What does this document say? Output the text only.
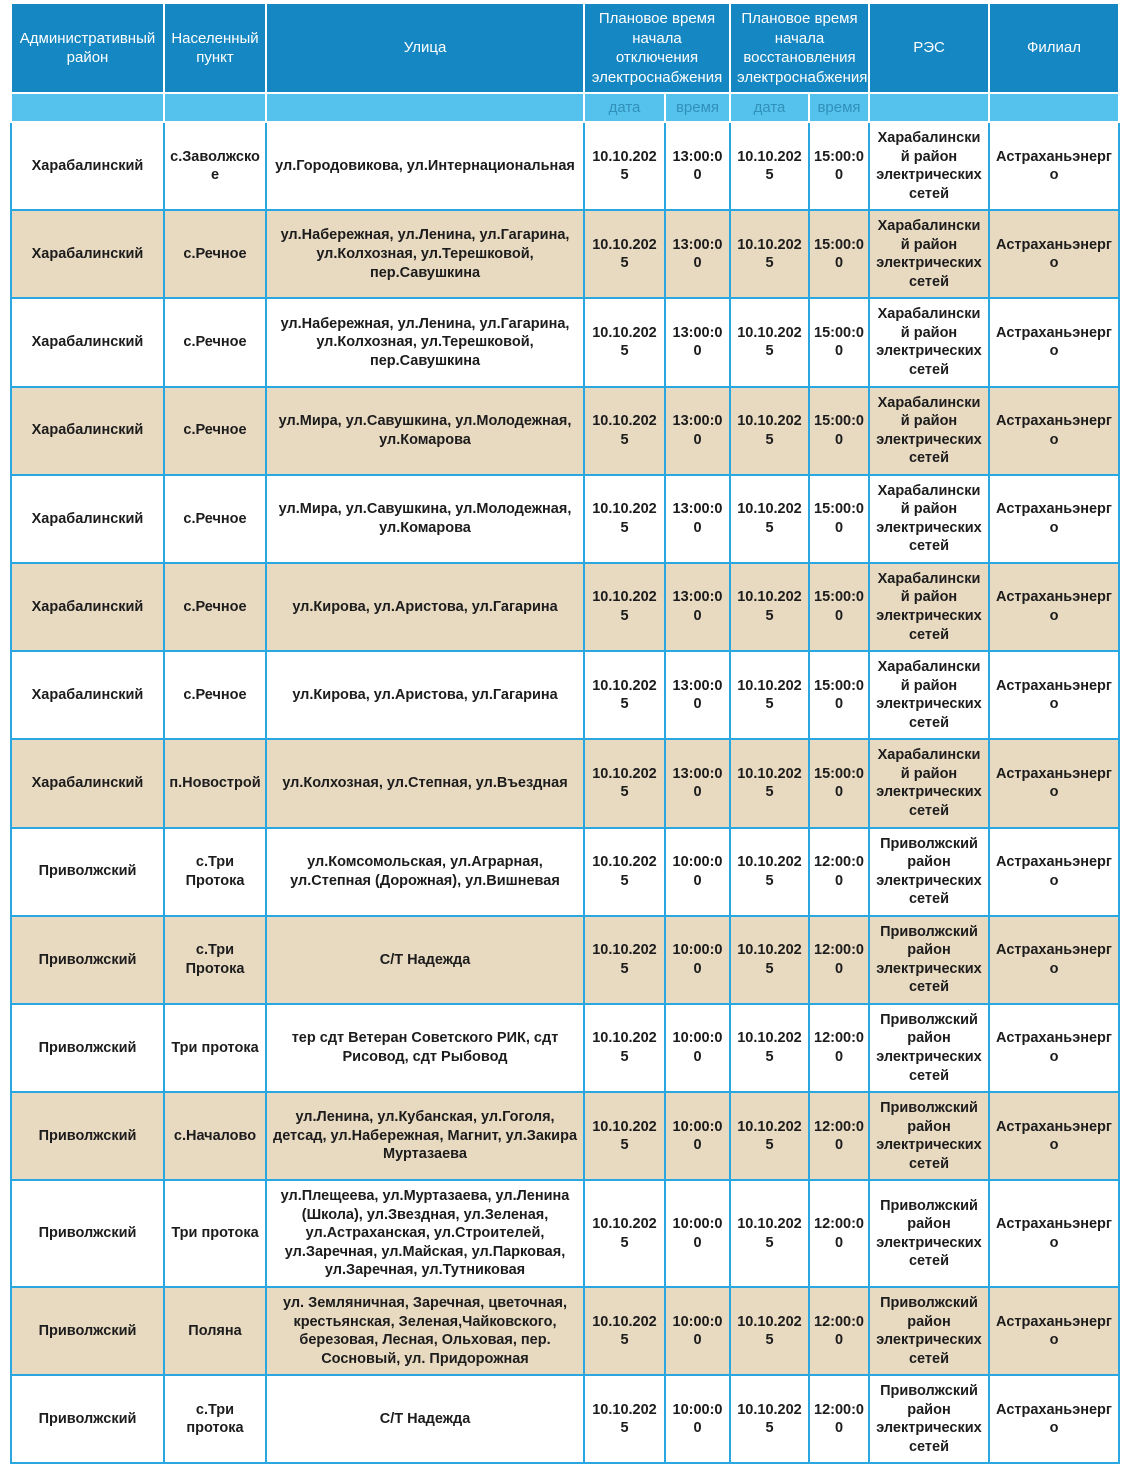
Административный район	Населенный пункт	Улица	Плановое время начала отключения электроснабжения		Плановое время начала восстановления электроснабжения		РЭС	Филиал
			дата	время	дата	время		
Харабалинский	с.Заволжское	ул.Городовикова, ул.Интернациональная	10.10.2025	13:00:00	10.10.2025	15:00:00	Харабалинский район электрических сетей	Астраханьэнерго
Харабалинский	с.Речное	ул.Набережная, ул.Ленина, ул.Гагарина, ул.Колхозная, ул.Терешковой, пер.Савушкина	10.10.2025	13:00:00	10.10.2025	15:00:00	Харабалинский район электрических сетей	Астраханьэнерго
Харабалинский	с.Речное	ул.Набережная, ул.Ленина, ул.Гагарина, ул.Колхозная, ул.Терешковой, пер.Савушкина	10.10.2025	13:00:00	10.10.2025	15:00:00	Харабалинский район электрических сетей	Астраханьэнерго
Харабалинский	с.Речное	ул.Мира, ул.Савушкина, ул.Молодежная, ул.Комарова	10.10.2025	13:00:00	10.10.2025	15:00:00	Харабалинский район электрических сетей	Астраханьэнерго
Харабалинский	с.Речное	ул.Мира, ул.Савушкина, ул.Молодежная, ул.Комарова	10.10.2025	13:00:00	10.10.2025	15:00:00	Харабалинский район электрических сетей	Астраханьэнерго
Харабалинский	с.Речное	ул.Кирова, ул.Аристова, ул.Гагарина	10.10.2025	13:00:00	10.10.2025	15:00:00	Харабалинский район электрических сетей	Астраханьэнерго
Харабалинский	с.Речное	ул.Кирова, ул.Аристова, ул.Гагарина	10.10.2025	13:00:00	10.10.2025	15:00:00	Харабалинский район электрических сетей	Астраханьэнерго
Харабалинский	п.Новострой	ул.Колхозная, ул.Степная, ул.Въездная	10.10.2025	13:00:00	10.10.2025	15:00:00	Харабалинский район электрических сетей	Астраханьэнерго
Приволжский	с.Три Протока	ул.Комсомольская, ул.Аграрная, ул.Степная (Дорожная), ул.Вишневая	10.10.2025	10:00:00	10.10.2025	12:00:00	Приволжский район электрических сетей	Астраханьэнерго
Приволжский	с.Три Протока	С/Т Надежда	10.10.2025	10:00:00	10.10.2025	12:00:00	Приволжский район электрических сетей	Астраханьэнерго
Приволжский	Три протока	тер сдт Ветеран Советского РИК, сдт Рисовод, сдт Рыбовод	10.10.2025	10:00:00	10.10.2025	12:00:00	Приволжский район электрических сетей	Астраханьэнерго
Приволжский	с.Началово	ул.Ленина, ул.Кубанская, ул.Гоголя, детсад, ул.Набережная, Магнит, ул.Закира Муртазаева	10.10.2025	10:00:00	10.10.2025	12:00:00	Приволжский район электрических сетей	Астраханьэнерго
Приволжский	Три протока	ул.Плещеева, ул.Муртазаева, ул.Ленина (Школа), ул.Звездная, ул.Зеленая, ул.Астраханская, ул.Строителей, ул.Заречная, ул.Майская, ул.Парковая, ул.Заречная, ул.Тутниковая	10.10.2025	10:00:00	10.10.2025	12:00:00	Приволжский район электрических сетей	Астраханьэнерго
Приволжский	Поляна	ул. Земляничная, Заречная, цветочная, крестьянская, Зеленая,Чайковского, березовая, Лесная, Ольховая, пер. Сосновый, ул. Придорожная	10.10.2025	10:00:00	10.10.2025	12:00:00	Приволжский район электрических сетей	Астраханьэнерго
Приволжский	с.Три протока	С/Т Надежда	10.10.2025	10:00:00	10.10.2025	12:00:00	Приволжский район электрических сетей	Астраханьэнерго
